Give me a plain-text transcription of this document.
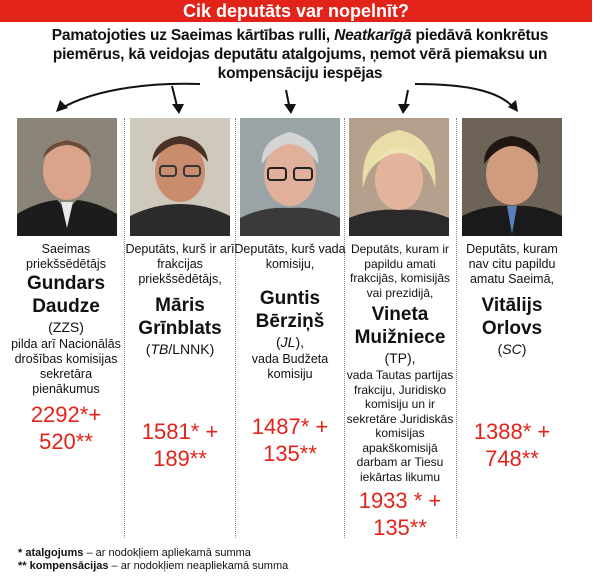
Cik deputāts var nopelnīt?
Pamatojoties uz Saeimas kārtības rulli, Neatkarīgā piedāvā konkrētus piemērus, kā veidojas deputātu atalgojums, ņemot vērā piemaksu un kompensāciju iespējas
Saeimas priekšsēdētājs
Gundars
Daudze
(ZZS)
pilda arī Nacionālās drošības komisijas sekretāra pienākumus
2292*+
520**
Deputāts, kurš ir arī frakcijas priekšsēdētājs,
Māris
Grīnblats
(TB/LNNK)
1581* +
189**
Deputāts, kurš vada komisiju,
Guntis
Bērziņš
(JL),
vada Budžeta komisiju
1487* +
135**
Deputāts, kuram ir papildu amati frakcijās, komisijās vai prezidijā,
Vineta
Muižniece
(TP),
vada Tautas partijas frakciju, Juridisko komisiju un ir sekretāre Juridiskās komisijas apakškomisijā darbam ar Tiesu iekārtas likumu
1933 * +
135**
Deputāts, kuram nav citu papildu amatu Saeimā,
Vitālijs
Orlovs
(SC)
1388* +
748**
* atalgojums – ar nodokļiem apliekamā summa
** kompensācijas – ar nodokļiem neapliekamā summa
